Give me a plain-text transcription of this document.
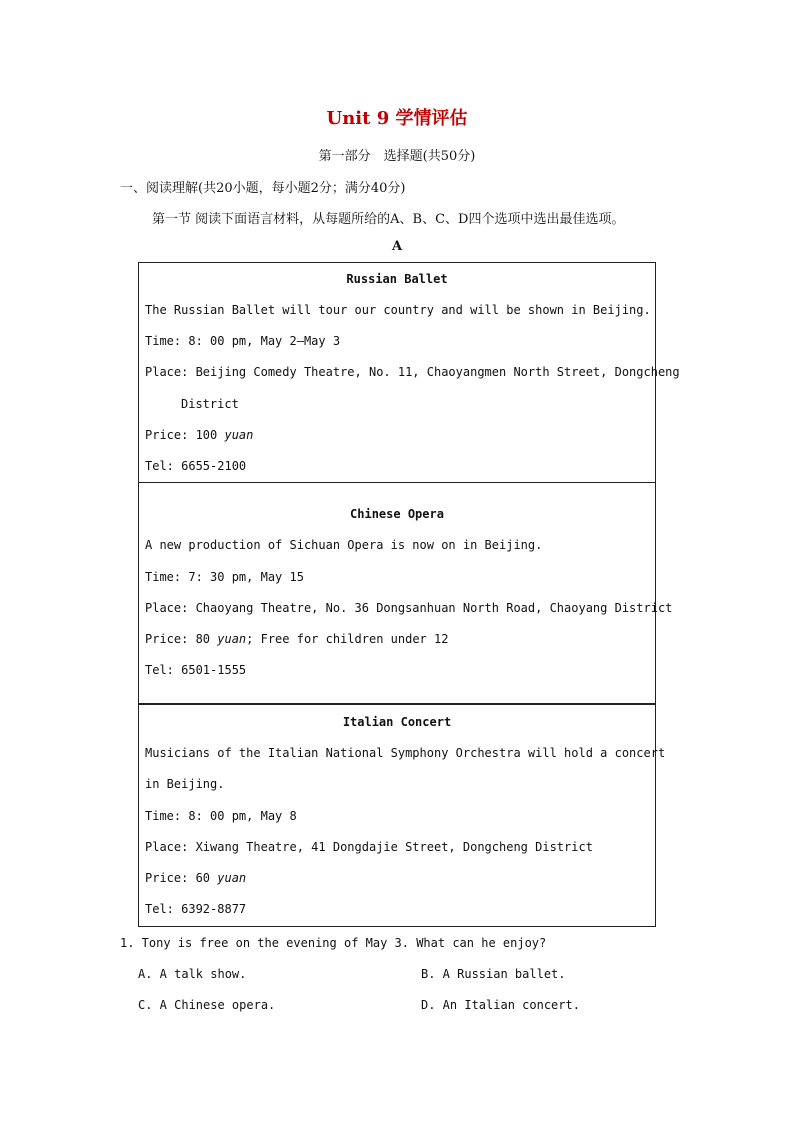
Unit 9 学情评估
第一部分　选择题(共50分)
一、阅读理解(共20小题，每小题2分；满分40分)
第一节 阅读下面语言材料，从每题所给的A、B、C、D四个选项中选出最佳选项。
A
Russian Ballet
The Russian Ballet will tour our country and will be shown in Beijing.
Time: 8: 00 pm, May 2—May 3
Place: Beijing Comedy Theatre, No. 11, Chaoyangmen North Street, Dongcheng
District
Price: 100 yuan
Tel: 6655-2100
Chinese Opera
A new production of Sichuan Opera is now on in Beijing.
Time: 7: 30 pm, May 15
Place: Chaoyang Theatre, No. 36 Dongsanhuan North Road, Chaoyang District
Price: 80 yuan; Free for children under 12
Tel: 6501-1555
Italian Concert
Musicians of the Italian National Symphony Orchestra will hold a concert
in Beijing.
Time: 8: 00 pm, May 8
Place: Xiwang Theatre, 41 Dongdajie Street, Dongcheng District
Price: 60 yuan
Tel: 6392-8877
1. Tony is free on the evening of May 3. What can he enjoy?
A. A talk show.	B. A Russian ballet.
C. A Chinese opera.	D. An Italian concert.
